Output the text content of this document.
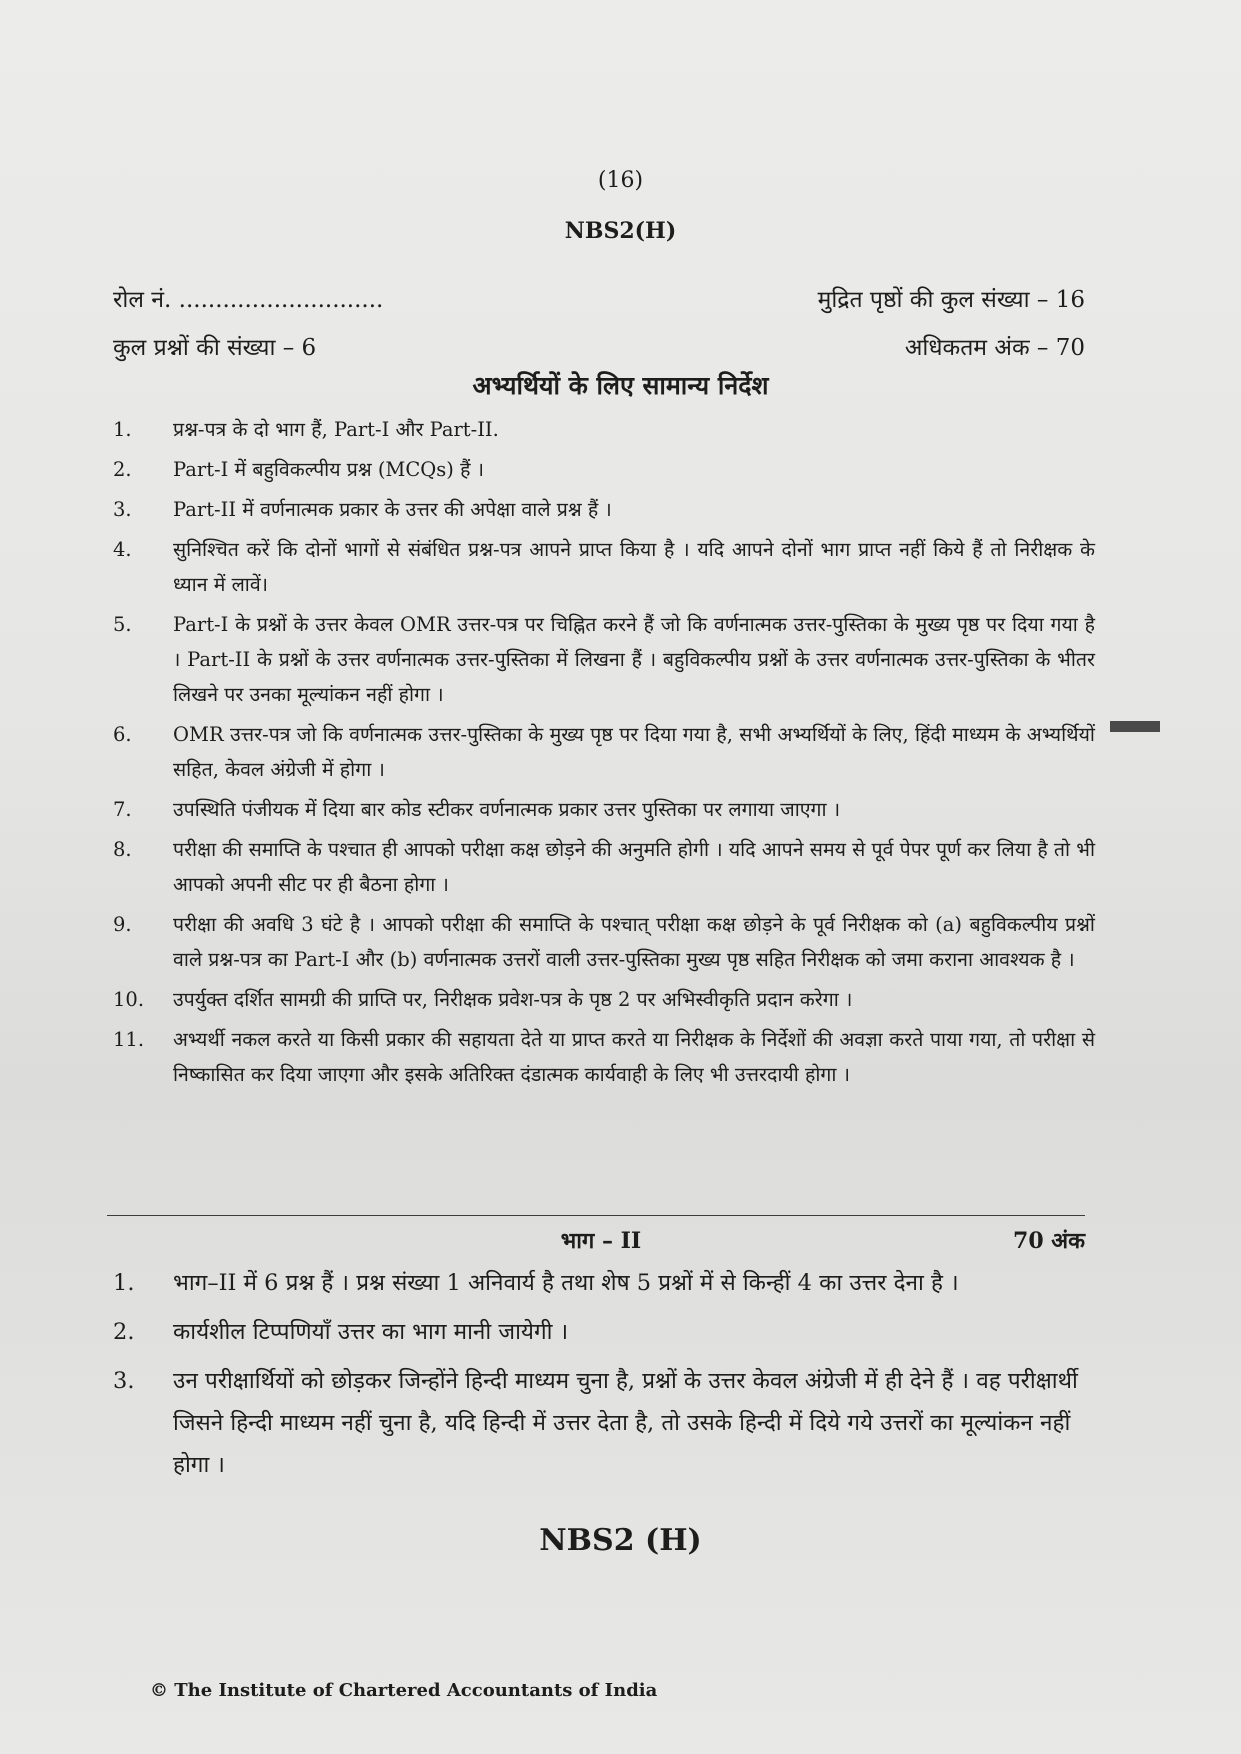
(16)
NBS2(H)
रोल नं. ............................	मुद्रित पृष्ठों की कुल संख्या – 16
कुल प्रश्नों की संख्या – 6	अधिकतम अंक – 70
अभ्यर्थियों के लिए सामान्य निर्देश
1. प्रश्न-पत्र के दो भाग हैं, Part-I और Part-II.
2. Part-I में बहुविकल्पीय प्रश्न (MCQs) हैं ।
3. Part-II में वर्णनात्मक प्रकार के उत्तर की अपेक्षा वाले प्रश्न हैं ।
4. सुनिश्चित करें कि दोनों भागों से संबंधित प्रश्न-पत्र आपने प्राप्त किया है । यदि आपने दोनों भाग प्राप्त नहीं किये हैं तो निरीक्षक के ध्यान में लावें।
5. Part-I के प्रश्नों के उत्तर केवल OMR उत्तर-पत्र पर चिह्नित करने हैं जो कि वर्णनात्मक उत्तर-पुस्तिका के मुख्य पृष्ठ पर दिया गया है । Part-II के प्रश्नों के उत्तर वर्णनात्मक उत्तर-पुस्तिका में लिखना हैं । बहुविकल्पीय प्रश्नों के उत्तर वर्णनात्मक उत्तर-पुस्तिका के भीतर लिखने पर उनका मूल्यांकन नहीं होगा ।
6. OMR उत्तर-पत्र जो कि वर्णनात्मक उत्तर-पुस्तिका के मुख्य पृष्ठ पर दिया गया है, सभी अभ्यर्थियों के लिए, हिंदी माध्यम के अभ्यर्थियों सहित, केवल अंग्रेजी में होगा ।
7. उपस्थिति पंजीयक में दिया बार कोड स्टीकर वर्णनात्मक प्रकार उत्तर पुस्तिका पर लगाया जाएगा ।
8. परीक्षा की समाप्ति के पश्चात ही आपको परीक्षा कक्ष छोड़ने की अनुमति होगी । यदि आपने समय से पूर्व पेपर पूर्ण कर लिया है तो भी आपको अपनी सीट पर ही बैठना होगा ।
9. परीक्षा की अवधि 3 घंटे है । आपको परीक्षा की समाप्ति के पश्चात् परीक्षा कक्ष छोड़ने के पूर्व निरीक्षक को (a) बहुविकल्पीय प्रश्नों वाले प्रश्न-पत्र का Part-I और (b) वर्णनात्मक उत्तरों वाली उत्तर-पुस्तिका मुख्य पृष्ठ सहित निरीक्षक को जमा कराना आवश्यक है ।
10. उपर्युक्त दर्शित सामग्री की प्राप्ति पर, निरीक्षक प्रवेश-पत्र के पृष्ठ 2 पर अभिस्वीकृति प्रदान करेगा ।
11. अभ्यर्थी नकल करते या किसी प्रकार की सहायता देते या प्राप्त करते या निरीक्षक के निर्देशों की अवज्ञा करते पाया गया, तो परीक्षा से निष्कासित कर दिया जाएगा और इसके अतिरिक्त दंडात्मक कार्यवाही के लिए भी उत्तरदायी होगा ।
भाग – II	70 अंक
1. भाग–II में 6 प्रश्न हैं । प्रश्न संख्या 1 अनिवार्य है तथा शेष 5 प्रश्नों में से किन्हीं 4 का उत्तर देना है ।
2. कार्यशील टिप्पणियाँ उत्तर का भाग मानी जायेगी ।
3. उन परीक्षार्थियों को छोड़कर जिन्होंने हिन्दी माध्यम चुना है, प्रश्नों के उत्तर केवल अंग्रेजी में ही देने हैं । वह परीक्षार्थी जिसने हिन्दी माध्यम नहीं चुना है, यदि हिन्दी में उत्तर देता है, तो उसके हिन्दी में दिये गये उत्तरों का मूल्यांकन नहीं होगा ।
NBS2 (H)
© The Institute of Chartered Accountants of India
